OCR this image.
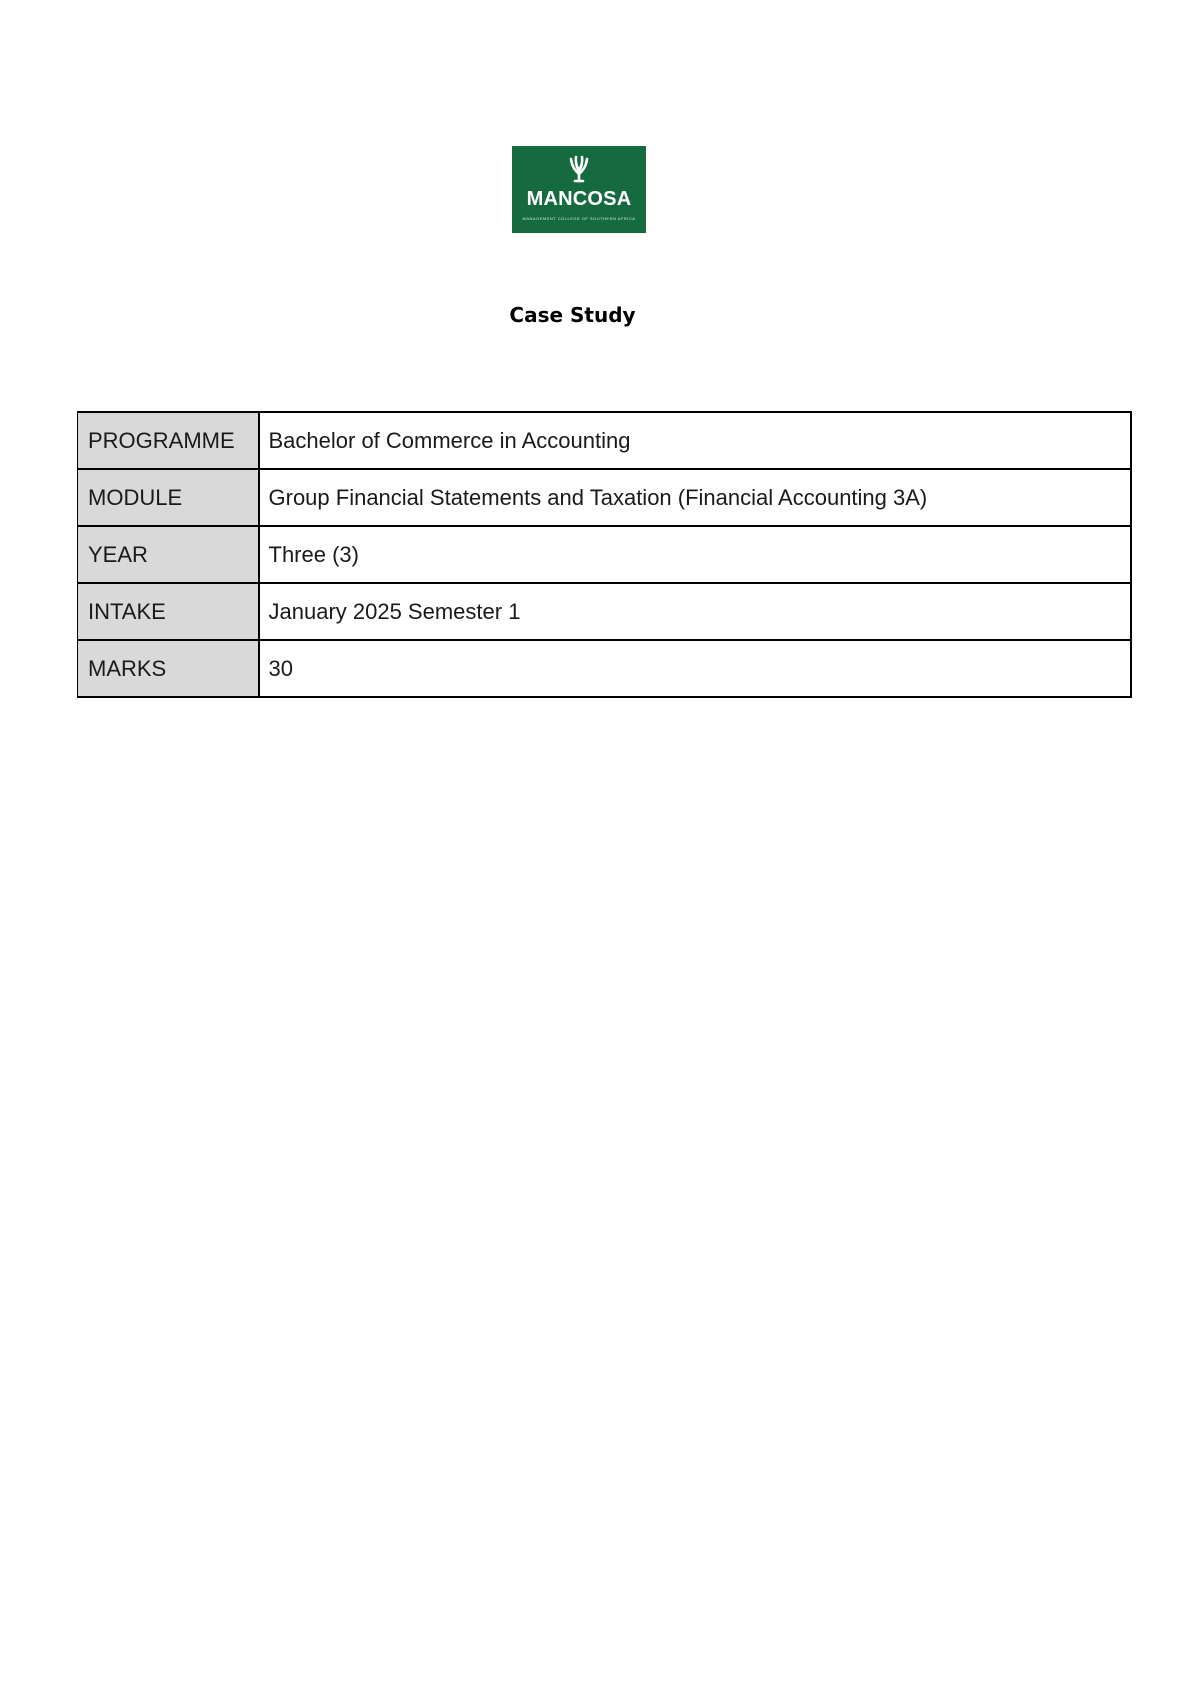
MANCOSA
MANAGEMENT COLLEGE OF SOUTHERN AFRICA
Case Study
PROGRAMME	Bachelor of Commerce in Accounting
MODULE	Group Financial Statements and Taxation (Financial Accounting 3A)
YEAR	Three (3)
INTAKE	January 2025 Semester 1
MARKS	30
